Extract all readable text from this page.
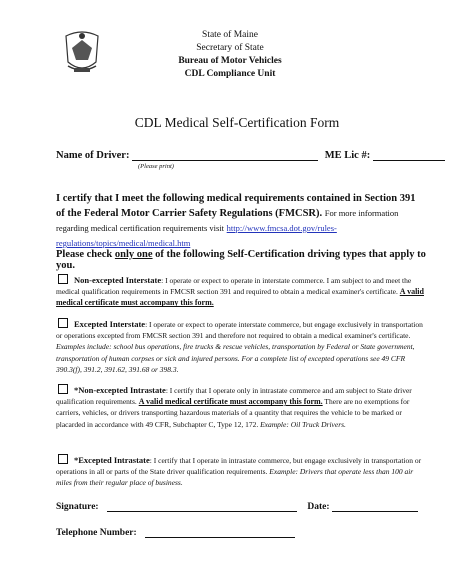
State of Maine
Secretary of State
Bureau of Motor Vehicles
CDL Compliance Unit
CDL Medical Self-Certification Form
Name of Driver:	ME Lic #:
(Please print)
I certify that I meet the following medical requirements contained in Section 391 of the Federal Motor Carrier Safety Regulations (FMCSR). For more information regarding medical certification requirements visit http://www.fmcsa.dot.gov/rules-regulations/topics/medical/medical.htm
Please check only one of the following Self-Certification driving types that apply to you.
Non-excepted Interstate: I operate or expect to operate in interstate commerce. I am subject to and meet the medical qualification requirements in FMCSR section 391 and required to obtain a medical examiner's certificate. A valid medical certificate must accompany this form.
Excepted Interstate: I operate or expect to operate interstate commerce, but engage exclusively in transportation or operations excepted from FMCSR section 391 and therefore not required to obtain a medical examiner's certificate. Examples include: school bus operations, fire trucks & rescue vehicles, transportation by Federal or State government, transportation of human corpses or sick and injured persons. For a complete list of excepted operations see 49 CFR 390.3(f), 391.2, 391.62, 391.68 or 398.3.
*Non-excepted Intrastate: I certify that I operate only in intrastate commerce and am subject to State driver qualification requirements. A valid medical certificate must accompany this form. There are no exemptions for carriers, vehicles, or drivers transporting hazardous materials of a quantity that requires the vehicle to be marked or placarded in accordance with 49 CFR, Subchapter C, Type 12, 172. Example: Oil Truck Drivers.
*Excepted Intrastate: I certify that I operate in intrastate commerce, but engage exclusively in transportation or operations in all or parts of the State driver qualification requirements. Example: Drivers that operate less than 100 air miles from their regular place of business.
Signature:	Date:
Telephone Number:
